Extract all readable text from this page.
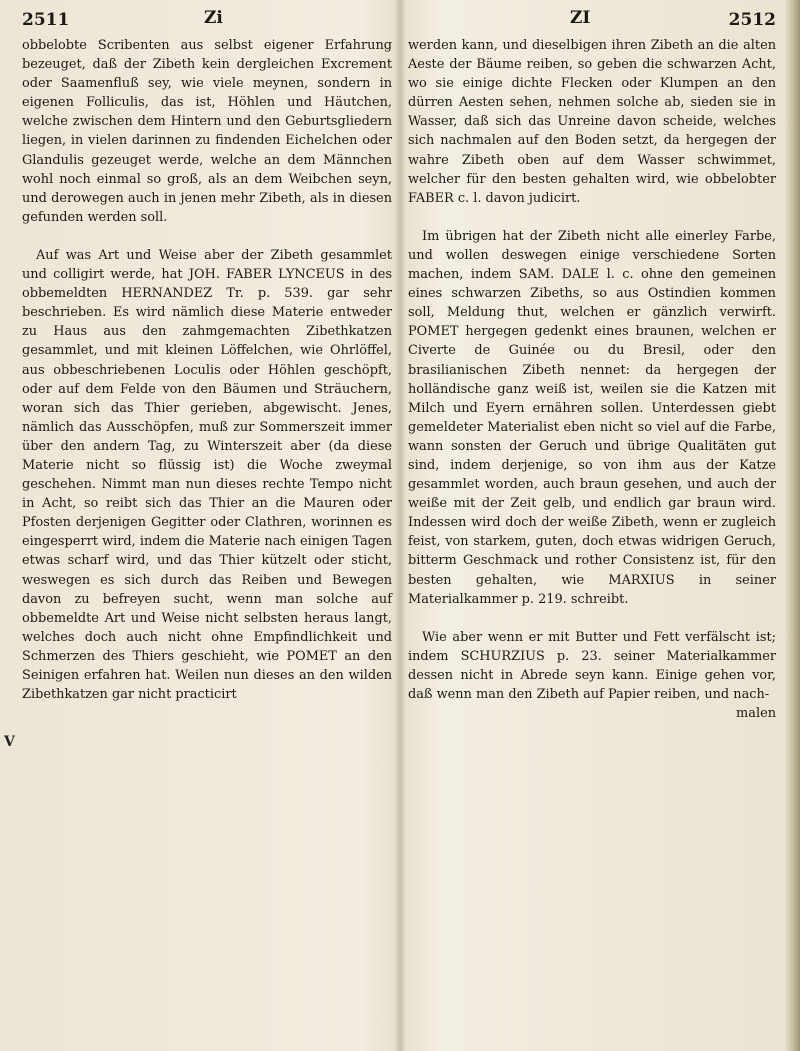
2511	Zi

obbelobte Scribenten aus selbst eigener Erfahrung bezeuget, daß der Zibeth kein dergleichen Excrement oder Saamenfluß sey, wie viele meynen, sondern in eigenen Folliculis, das ist, Höhlen und Häutchen, welche zwischen dem Hintern und den Geburtsgliedern liegen, in vielen darinnen zu findenden Eichelchen oder Glandulis gezeuget werde, welche an dem Männchen wohl noch einmal so groß, als an dem Weibchen seyn, und derowegen auch in jenen mehr Zibeth, als in diesen gefunden werden soll.

Auf was Art und Weise aber der Zibeth gesammlet und colligirt werde, hat JOH. FABER LYNCEUS in des obbemeldten HERNANDEZ Tr. p. 539. gar sehr beschrieben. Es wird nämlich diese Materie entweder zu Haus aus den zahmgemachten Zibethkatzen gesammlet, und mit kleinen Löffelchen, wie Ohrlöffel, aus obbeschriebenen Loculis oder Höhlen geschöpft, oder auf dem Felde von den Bäumen und Sträuchern, woran sich das Thier gerieben, abgewischt. Jenes, nämlich das Ausschöpfen, muß zur Sommerszeit immer über den andern Tag, zu Winterszeit aber (da diese Materie nicht so flüssig ist) die Woche zweymal geschehen. Nimmt man nun dieses rechte Tempo nicht in Acht, so reibt sich das Thier an die Mauren oder Pfosten derjenigen Gegitter oder Clathren, worinnen es eingesperrt wird, indem die Materie nach einigen Tagen etwas scharf wird, und das Thier kützelt oder sticht, weswegen es sich durch das Reiben und Bewegen davon zu befreyen sucht, wenn man solche auf obbemeldte Art und Weise nicht selbsten heraus langt, welches doch auch nicht ohne Empfindlichkeit und Schmerzen des Thiers geschieht, wie POMET an den Seinigen erfahren hat. Weilen nun dieses an den wilden Zibethkatzen gar nicht practicirt

V
ZI	2512

werden kann, und dieselbigen ihren Zibeth an die alten Aeste der Bäume reiben, so geben die schwarzen Acht, wo sie einige dichte Flecken oder Klumpen an den dürren Aesten sehen, nehmen solche ab, sieden sie in Wasser, daß sich das Unreine davon scheide, welches sich nachmalen auf den Boden setzt, da hergegen der wahre Zibeth oben auf dem Wasser schwimmet, welcher für den besten gehalten wird, wie obbelobter FABER c. l. davon judicirt.

Im übrigen hat der Zibeth nicht alle einerley Farbe, und wollen deswegen einige verschiedene Sorten machen, indem SAM. DALE l. c. ohne den gemeinen eines schwarzen Zibeths, so aus Ostindien kommen soll, Meldung thut, welchen er gänzlich verwirft. POMET hergegen gedenkt eines braunen, welchen er Civerte de Guinée ou du Bresil, oder den brasilianischen Zibeth nennet: da hergegen der holländische ganz weiß ist, weilen sie die Katzen mit Milch und Eyern ernähren sollen. Unterdessen giebt gemeldeter Materialist eben nicht so viel auf die Farbe, wann sonsten der Geruch und übrige Qualitäten gut sind, indem derjenige, so von ihm aus der Katze gesammlet worden, auch braun gesehen, und auch der weiße mit der Zeit gelb, und endlich gar braun wird. Indessen wird doch der weiße Zibeth, wenn er zugleich feist, von starkem, guten, doch etwas widrigen Geruch, bitterm Geschmack und rother Consistenz ist, für den besten gehalten, wie MARXIUS in seiner Materialkammer p. 219. schreibt.

Wie aber wenn er mit Butter und Fett verfälscht ist; indem SCHURZIUS p. 23. seiner Materialkammer dessen nicht in Abrede seyn kann. Einige gehen vor, daß wenn man den Zibeth auf Papier reiben, und nach-

malen
